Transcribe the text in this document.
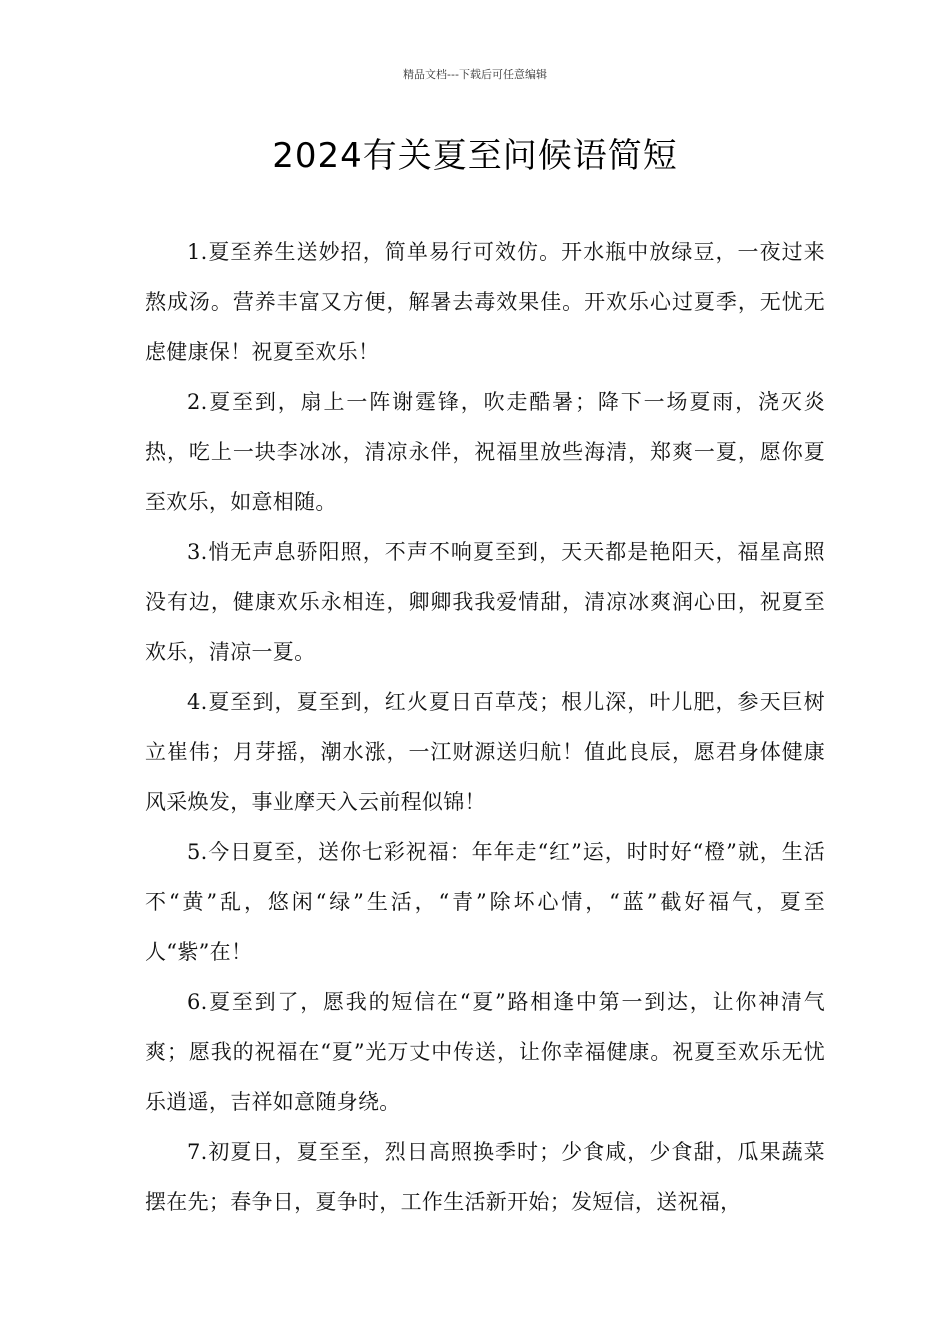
精品文档---下载后可任意编辑
2024有关夏至问候语简短

1.夏至养生送妙招，简单易行可效仿。开水瓶中放绿豆，一夜过来熬成汤。营养丰富又方便，解暑去毒效果佳。开欢乐心过夏季，无忧无虑健康保！祝夏至欢乐！

2.夏至到，扇上一阵谢霆锋，吹走酷暑；降下一场夏雨，浇灭炎热，吃上一块李冰冰，清凉永伴，祝福里放些海清，郑爽一夏，愿你夏至欢乐，如意相随。

3.悄无声息骄阳照，不声不响夏至到，天天都是艳阳天，福星高照没有边，健康欢乐永相连，卿卿我我爱情甜，清凉冰爽润心田，祝夏至欢乐，清凉一夏。

4.夏至到，夏至到，红火夏日百草茂；根儿深，叶儿肥，参天巨树立崔伟；月芽摇，潮水涨，一江财源送归航！值此良辰，愿君身体健康风采焕发，事业摩天入云前程似锦！

5.今日夏至，送你七彩祝福：年年走“红”运，时时好“橙”就，生活不“黄”乱，悠闲“绿”生活，“青”除坏心情，“蓝”截好福气，夏至人“紫”在！

6.夏至到了，愿我的短信在“夏”路相逢中第一到达，让你神清气爽；愿我的祝福在“夏”光万丈中传送，让你幸福健康。祝夏至欢乐无忧乐逍遥，吉祥如意随身绕。

7.初夏日，夏至至，烈日高照换季时；少食咸，少食甜，瓜果蔬菜摆在先；春争日，夏争时，工作生活新开始；发短信，送祝福，
